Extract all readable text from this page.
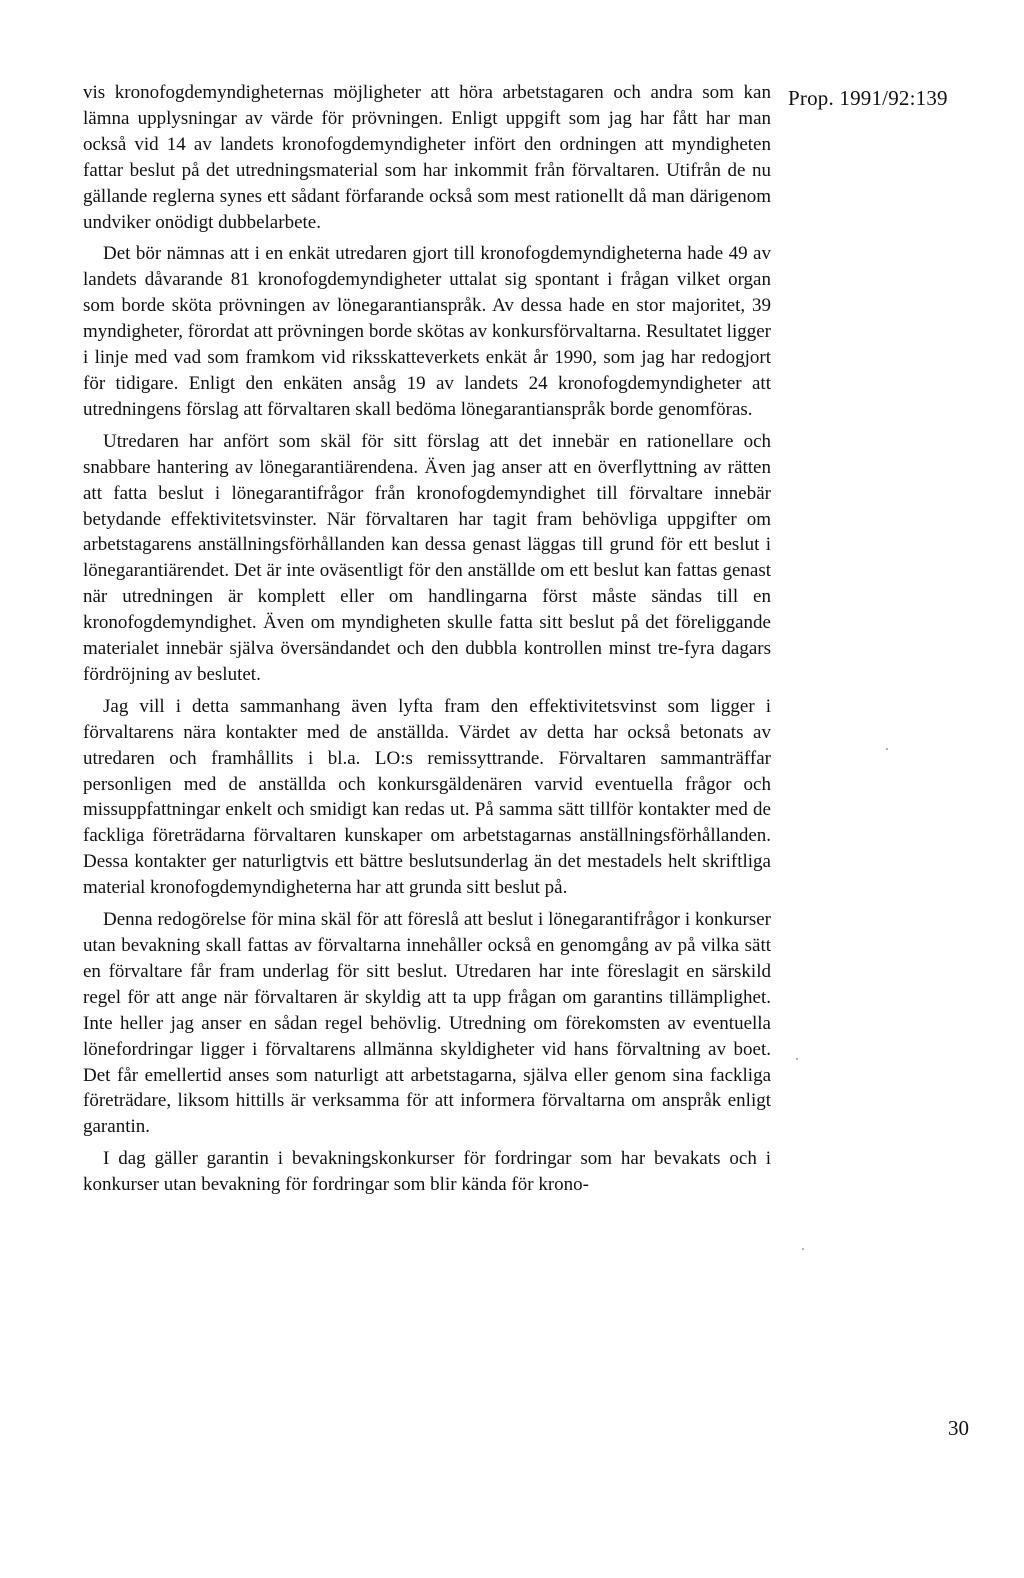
Prop. 1991/92:139

vis kronofogdemyndigheternas möjligheter att höra arbetstagaren och andra som kan lämna upplysningar av värde för prövningen. Enligt uppgift som jag har fått har man också vid 14 av landets kronofogdemyndigheter infört den ordningen att myndigheten fattar beslut på det utredningsmaterial som har inkommit från förvaltaren. Utifrån de nu gällande reglerna synes ett sådant förfarande också som mest rationellt då man därigenom undviker onödigt dubbelarbete.

Det bör nämnas att i en enkät utredaren gjort till kronofogdemyndigheterna hade 49 av landets dåvarande 81 kronofogdemyndigheter uttalat sig spontant i frågan vilket organ som borde sköta prövningen av lönegarantianspråk. Av dessa hade en stor majoritet, 39 myndigheter, förordat att prövningen borde skötas av konkursförvaltarna. Resultatet ligger i linje med vad som framkom vid riksskatteverkets enkät år 1990, som jag har redogjort för tidigare. Enligt den enkäten ansåg 19 av landets 24 kronofogdemyndigheter att utredningens förslag att förvaltaren skall bedöma lönegarantianspråk borde genomföras.

Utredaren har anfört som skäl för sitt förslag att det innebär en rationellare och snabbare hantering av lönegarantiärendena. Även jag anser att en överflyttning av rätten att fatta beslut i lönegarantifrågor från kronofogdemyndighet till förvaltare innebär betydande effektivitetsvinster. När förvaltaren har tagit fram behövliga uppgifter om arbetstagarens anställningsförhållanden kan dessa genast läggas till grund för ett beslut i lönegarantiärendet. Det är inte oväsentligt för den anställde om ett beslut kan fattas genast när utredningen är komplett eller om handlingarna först måste sändas till en kronofogdemyndighet. Även om myndigheten skulle fatta sitt beslut på det föreliggande materialet innebär själva översändandet och den dubbla kontrollen minst tre-fyra dagars fördröjning av beslutet.

Jag vill i detta sammanhang även lyfta fram den effektivitetsvinst som ligger i förvaltarens nära kontakter med de anställda. Värdet av detta har också betonats av utredaren och framhållits i bl.a. LO:s remissyttrande. Förvaltaren sammanträffar personligen med de anställda och konkursgäldenären varvid eventuella frågor och missuppfattningar enkelt och smidigt kan redas ut. På samma sätt tillför kontakter med de fackliga företrädarna förvaltaren kunskaper om arbetstagarnas anställningsförhållanden. Dessa kontakter ger naturligtvis ett bättre beslutsunderlag än det mestadels helt skriftliga material kronofogdemyndigheterna har att grunda sitt beslut på.

Denna redogörelse för mina skäl för att föreslå att beslut i lönegarantifrågor i konkurser utan bevakning skall fattas av förvaltarna innehåller också en genomgång av på vilka sätt en förvaltare får fram underlag för sitt beslut. Utredaren har inte föreslagit en särskild regel för att ange när förvaltaren är skyldig att ta upp frågan om garantins tillämplighet. Inte heller jag anser en sådan regel behövlig. Utredning om förekomsten av eventuella lönefordringar ligger i förvaltarens allmänna skyldigheter vid hans förvaltning av boet. Det får emellertid anses som naturligt att arbetstagarna, själva eller genom sina fackliga företrädare, liksom hittills är verksamma för att informera förvaltarna om anspråk enligt garantin.

I dag gäller garantin i bevakningskonkurser för fordringar som har bevakats och i konkurser utan bevakning för fordringar som blir kända för krono-

30
